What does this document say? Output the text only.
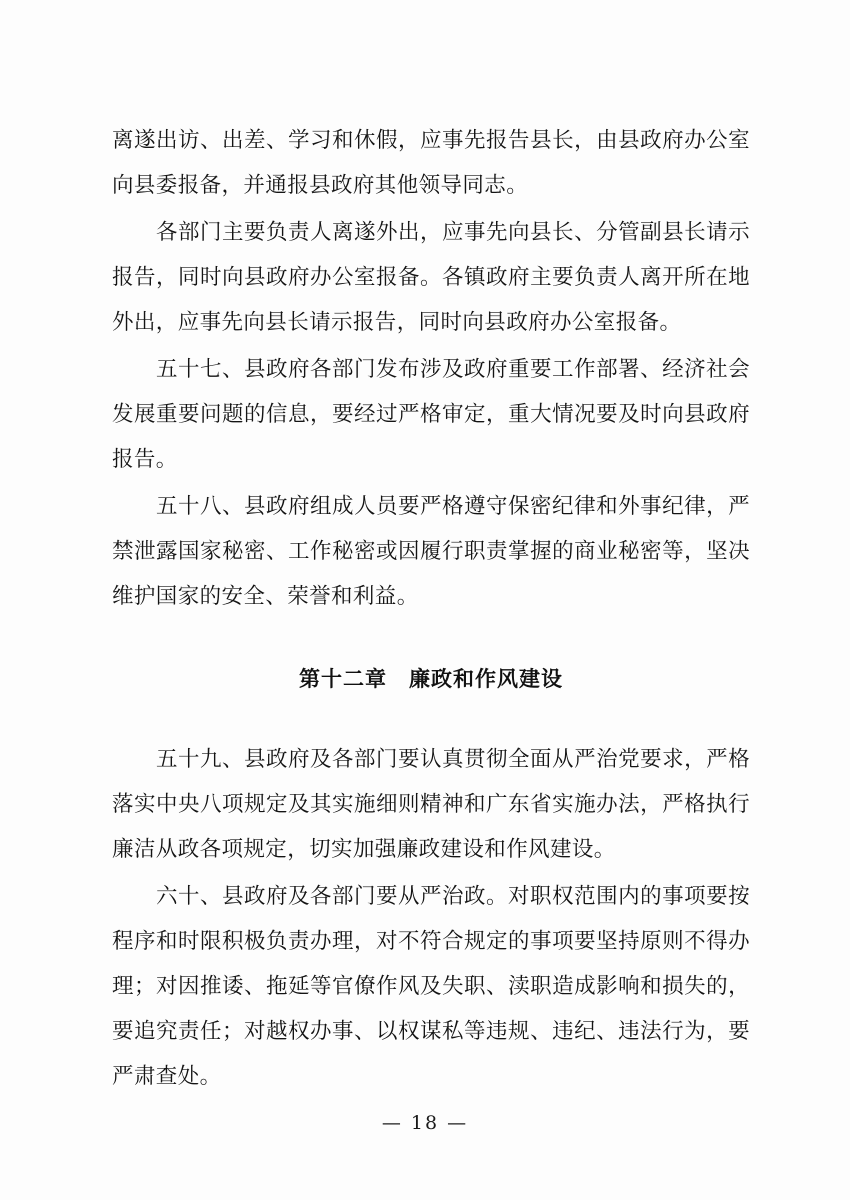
离遂出访、出差、学习和休假，应事先报告县长，由县政府办公室向县委报备，并通报县政府其他领导同志。

各部门主要负责人离遂外出，应事先向县长、分管副县长请示报告，同时向县政府办公室报备。各镇政府主要负责人离开所在地外出，应事先向县长请示报告，同时向县政府办公室报备。

五十七、县政府各部门发布涉及政府重要工作部署、经济社会发展重要问题的信息，要经过严格审定，重大情况要及时向县政府报告。

五十八、县政府组成人员要严格遵守保密纪律和外事纪律，严禁泄露国家秘密、工作秘密或因履行职责掌握的商业秘密等，坚决维护国家的安全、荣誉和利益。

第十二章　廉政和作风建设

五十九、县政府及各部门要认真贯彻全面从严治党要求，严格落实中央八项规定及其实施细则精神和广东省实施办法，严格执行廉洁从政各项规定，切实加强廉政建设和作风建设。

六十、县政府及各部门要从严治政。对职权范围内的事项要按程序和时限积极负责办理，对不符合规定的事项要坚持原则不得办理；对因推诿、拖延等官僚作风及失职、渎职造成影响和损失的，要追究责任；对越权办事、以权谋私等违规、违纪、违法行为，要严肃查处。

— 18 —
